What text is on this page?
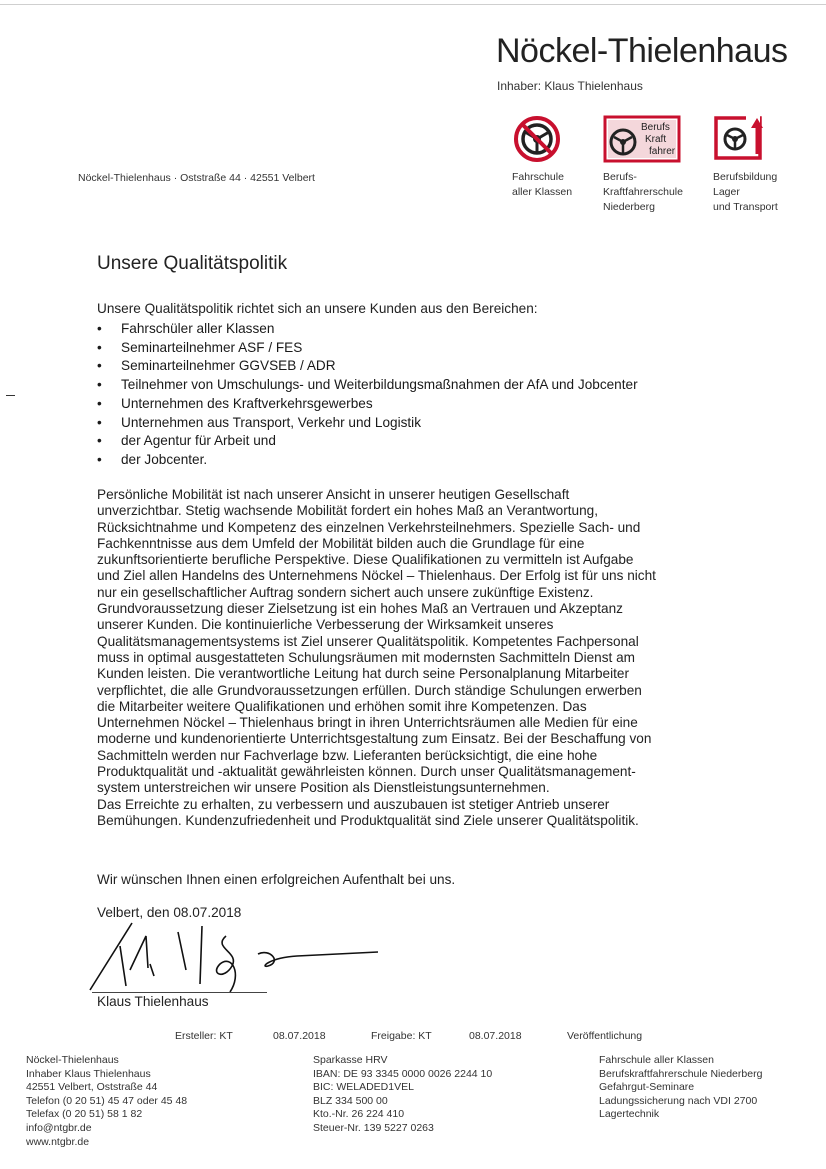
Nöckel-Thielenhaus
Inhaber: Klaus Thielenhaus
Fahrschule
aller Klassen
Berufs
Kraft
fahrer
Berufs-
Kraftfahrerschule
Niederberg
Berufsbildung
Lager
und Transport
Nöckel-Thielenhaus · Oststraße 44 · 42551 Velbert
Unsere Qualitätspolitik
Unsere Qualitätspolitik richtet sich an unsere Kunden aus den Bereichen:
• Fahrschüler aller Klassen
• Seminarteilnehmer ASF / FES
• Seminarteilnehmer GGVSEB / ADR
• Teilnehmer von Umschulungs- und Weiterbildungsmaßnahmen der AfA und Jobcenter
• Unternehmen des Kraftverkehrsgewerbes
• Unternehmen aus Transport, Verkehr und Logistik
• der Agentur für Arbeit und
• der Jobcenter.
Persönliche Mobilität ist nach unserer Ansicht in unserer heutigen Gesellschaft
unverzichtbar. Stetig wachsende Mobilität fordert ein hohes Maß an Verantwortung,
Rücksichtnahme und Kompetenz des einzelnen Verkehrsteilnehmers. Spezielle Sach- und
Fachkenntnisse aus dem Umfeld der Mobilität bilden auch die Grundlage für eine
zukunftsorientierte berufliche Perspektive. Diese Qualifikationen zu vermitteln ist Aufgabe
und Ziel allen Handelns des Unternehmens Nöckel – Thielenhaus. Der Erfolg ist für uns nicht
nur ein gesellschaftlicher Auftrag sondern sichert auch unsere zukünftige Existenz.
Grundvoraussetzung dieser Zielsetzung ist ein hohes Maß an Vertrauen und Akzeptanz
unserer Kunden. Die kontinuierliche Verbesserung der Wirksamkeit unseres
Qualitätsmanagementsystems ist Ziel unserer Qualitätspolitik. Kompetentes Fachpersonal
muss in optimal ausgestatteten Schulungsräumen mit modernsten Sachmitteln Dienst am
Kunden leisten. Die verantwortliche Leitung hat durch seine Personalplanung Mitarbeiter
verpflichtet, die alle Grundvoraussetzungen erfüllen. Durch ständige Schulungen erwerben
die Mitarbeiter weitere Qualifikationen und erhöhen somit ihre Kompetenzen. Das
Unternehmen Nöckel – Thielenhaus bringt in ihren Unterrichtsräumen alle Medien für eine
moderne und kundenorientierte Unterrichtsgestaltung zum Einsatz. Bei der Beschaffung von
Sachmitteln werden nur Fachverlage bzw. Lieferanten berücksichtigt, die eine hohe
Produktqualität und -aktualität gewährleisten können. Durch unser Qualitätsmanagement-
system unterstreichen wir unsere Position als Dienstleistungsunternehmen.
Das Erreichte zu erhalten, zu verbessern und auszubauen ist stetiger Antrieb unserer
Bemühungen. Kundenzufriedenheit und Produktqualität sind Ziele unserer Qualitätspolitik.
Wir wünschen Ihnen einen erfolgreichen Aufenthalt bei uns.
Velbert, den 08.07.2018
Klaus Thielenhaus
Ersteller: KT	08.07.2018	Freigabe: KT	08.07.2018	Veröffentlichung
Nöckel-Thielenhaus
Inhaber Klaus Thielenhaus
42551 Velbert, Oststraße 44
Telefon (0 20 51) 45 47 oder 45 48
Telefax (0 20 51) 58 1 82
info@ntgbr.de
www.ntgbr.de
Sparkasse HRV
IBAN: DE 93 3345 0000 0026 2244 10
BIC: WELADED1VEL
BLZ 334 500 00
Kto.-Nr. 26 224 410
Steuer-Nr. 139 5227 0263
Fahrschule aller Klassen
Berufskraftfahrerschule Niederberg
Gefahrgut-Seminare
Ladungssicherung nach VDI 2700
Lagertechnik
